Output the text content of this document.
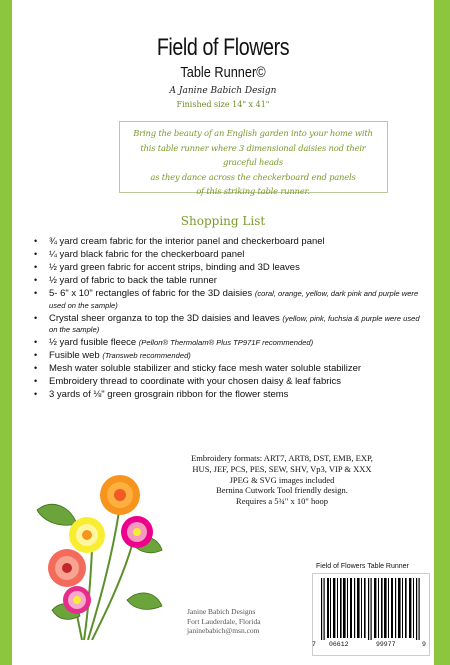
Field of Flowers
Table Runner©
A Janine Babich Design
Finished size 14" x 41"
Bring the beauty of an English garden into your home with
this table runner where 3 dimensional daisies nod their graceful heads
as they dance across the checkerboard end panels
of this striking table runner.
Shopping List
• ¾ yard cream fabric for the interior panel and checkerboard panel
• ¼ yard black fabric for the checkerboard panel
• ½ yard green fabric for accent strips, binding and 3D leaves
• ½ yard of fabric to back the table runner
• 5- 6" x 10" rectangles of fabric for the 3D daisies (coral, orange, yellow, dark pink and purple were used on the sample)
• Crystal sheer organza to top the 3D daisies and leaves (yellow, pink, fuchsia & purple were used on the sample)
• ½ yard fusible fleece (Pellon® Thermolam® Plus TP971F recommended)
• Fusible web (Transweb recommended)
• Mesh water soluble stabilizer and sticky face mesh water soluble stabilizer
• Embroidery thread to coordinate with your chosen daisy & leaf fabrics
• 3 yards of ⅛" green grosgrain ribbon for the flower stems
Embroidery formats: ART7, ART8, DST, EMB, EXP,
HUS, JEF, PCS, PES, SEW, SHV, Vp3, VIP & XXX
JPEG & SVG images included
Bernina Cutwork Tool friendly design.
Requires a 5¾" x 10" hoop
Janine Babich Designs
Fort Lauderdale, Florida
janinebabich@msn.com
Field of Flowers Table Runner
7 06612	99977	9
